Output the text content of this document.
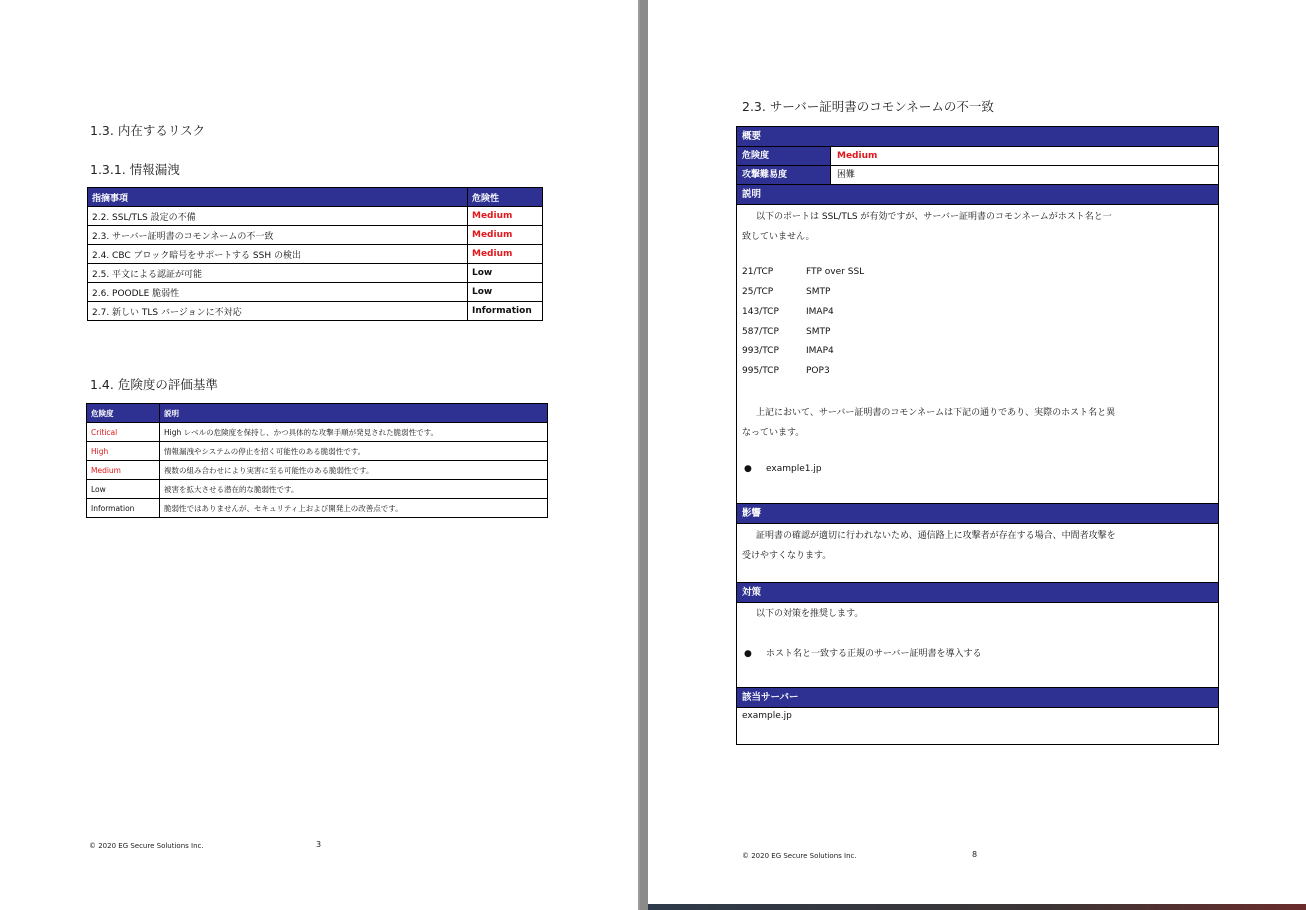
1.3. 内在するリスク
1.3.1. 情報漏洩
指摘事項	危険性
2.2. SSL/TLS 設定の不備	Medium
2.3. サーバー証明書のコモンネームの不一致	Medium
2.4. CBC ブロック暗号をサポートする SSH の検出	Medium
2.5. 平文による認証が可能	Low
2.6. POODLE 脆弱性	Low
2.7. 新しい TLS バージョンに不対応	Information
1.4. 危険度の評価基準
危険度	説明
Critical	High レベルの危険度を保持し、かつ具体的な攻撃手順が発見された脆弱性です。
High	情報漏洩やシステムの停止を招く可能性のある脆弱性です。
Medium	複数の組み合わせにより実害に至る可能性のある脆弱性です。
Low	被害を拡大させる潜在的な脆弱性です。
Information	脆弱性ではありませんが、セキュリティ上および開発上の改善点です。
© 2020 EG Secure Solutions Inc.	3
2.3. サーバー証明書のコモンネームの不一致
概要
危険度	Medium
攻撃難易度	困難
説明
以下のポートは SSL/TLS が有効ですが、サーバー証明書のコモンネームがホスト名と一
致していません。
21/TCP	FTP over SSL
25/TCP	SMTP
143/TCP	IMAP4
587/TCP	SMTP
993/TCP	IMAP4
995/TCP	POP3
上記において、サーバー証明書のコモンネームは下記の通りであり、実際のホスト名と異
なっています。
● example1.jp
影響
証明書の確認が適切に行われないため、通信路上に攻撃者が存在する場合、中間者攻撃を
受けやすくなります。
対策
以下の対策を推奨します。
● ホスト名と一致する正規のサーバー証明書を導入する
該当サーバー
example.jp
© 2020 EG Secure Solutions Inc.	8
